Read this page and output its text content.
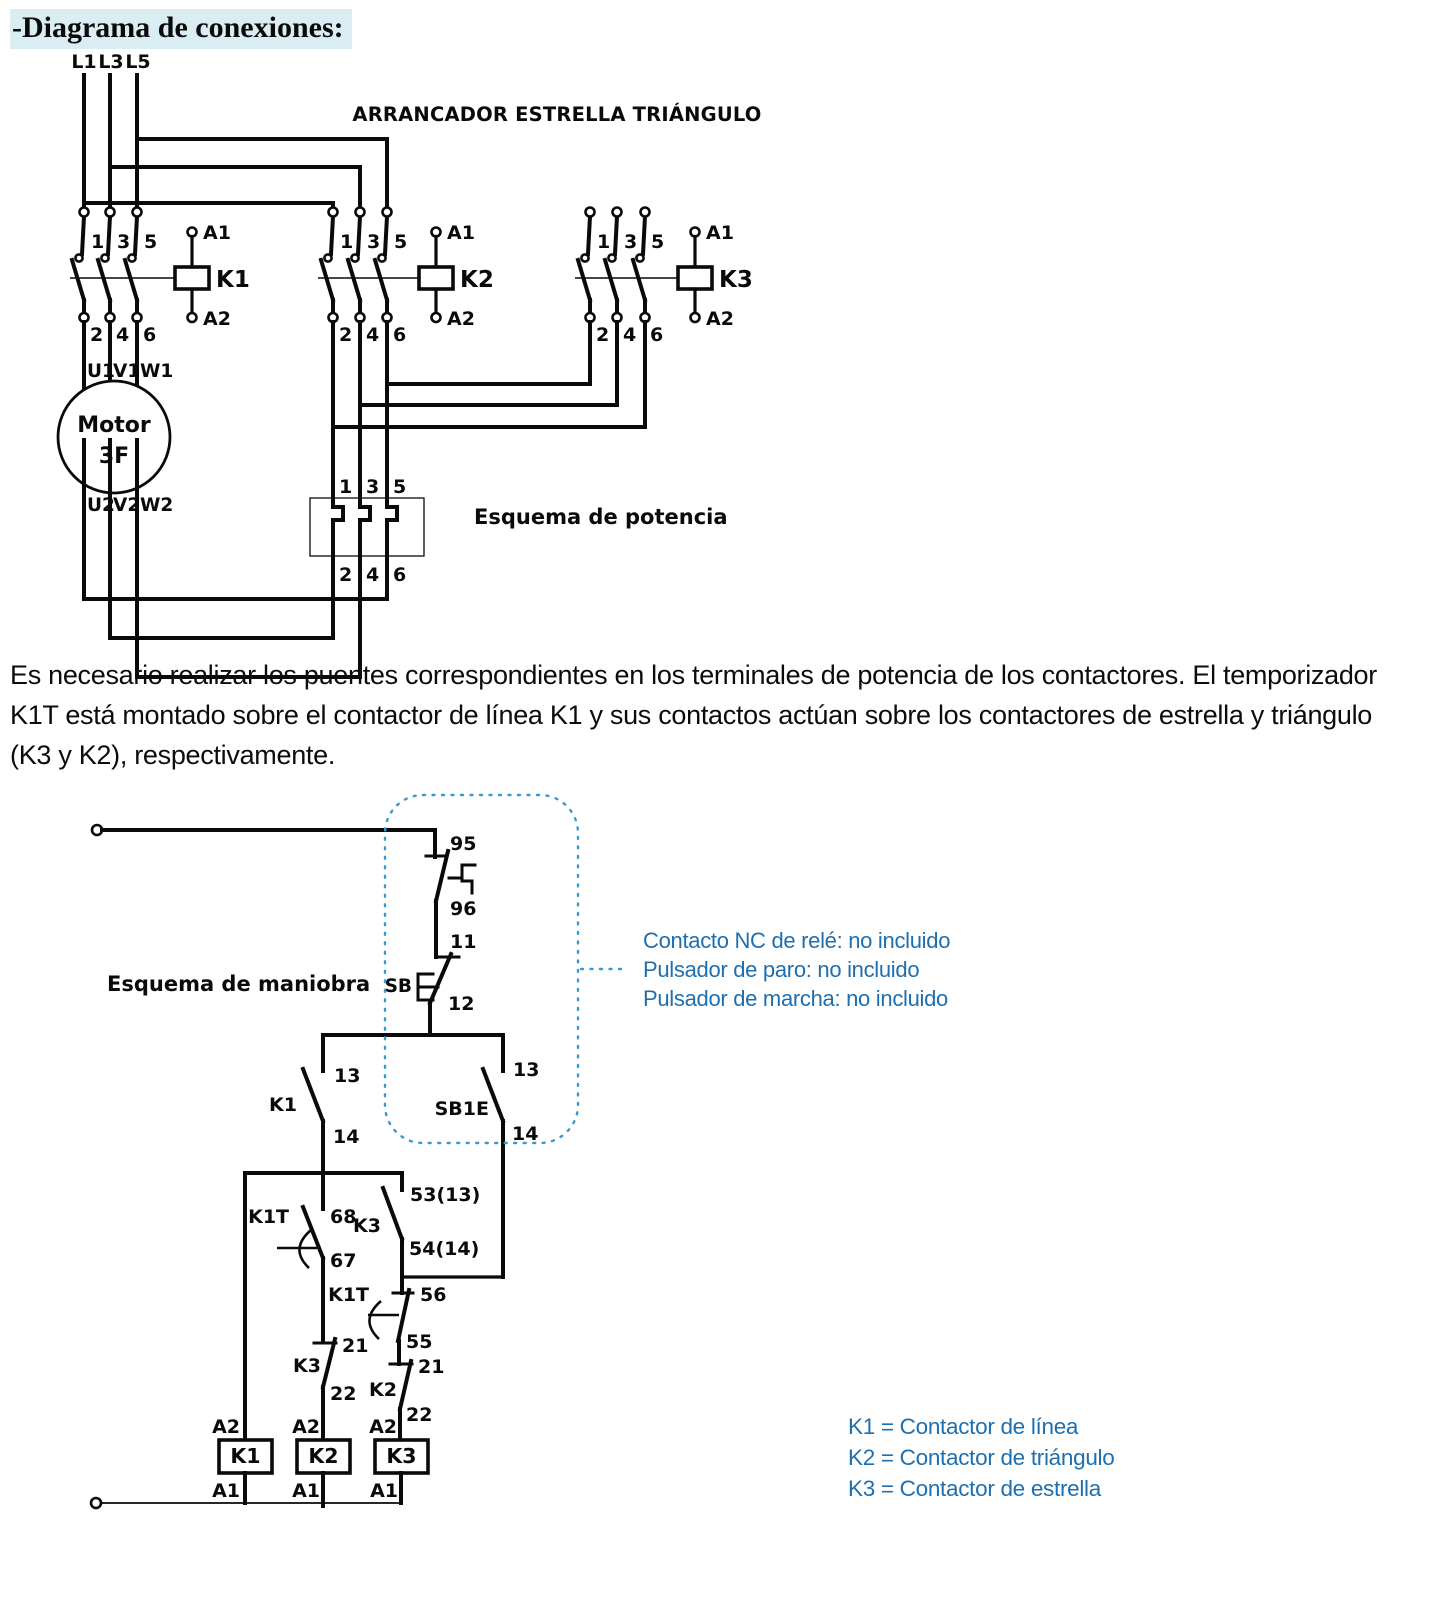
-Diagrama de conexiones:
L1 L3 L5
ARRANCADOR ESTRELLA TRIÁNGULO
Esquema de potencia
1 3 5
2 4 6
A1
K1
A2
1 3 5
2 4 6
A1
K2
A2
1 3 5
2 4 6
A1
K3
A2
Motor
3F
U1
V1 W1
U2
V2 W2
1 3 5
2 4 6
Esquema de maniobra
95
96
11
SB
12
13
K1
14
13
SB1E
14
53(13)
K3
54(14)
68
K1T
67
K1T	56
55
21
K3
22
21
K2
22
A2
K1
A1
A2
K2
A1
A2
K3
A1
Es necesario realizar los puentes correspondientes en los terminales de potencia de los contactores. El temporizador K1T está montado sobre el contactor de línea K1 y sus contactos actúan sobre los contactores de estrella y triángulo (K3 y K2), respectivamente.
Contacto NC de relé: no incluido
Pulsador de paro: no incluido
Pulsador de marcha: no incluido
K1 = Contactor de línea
K2 = Contactor de triángulo
K3 = Contactor de estrella
